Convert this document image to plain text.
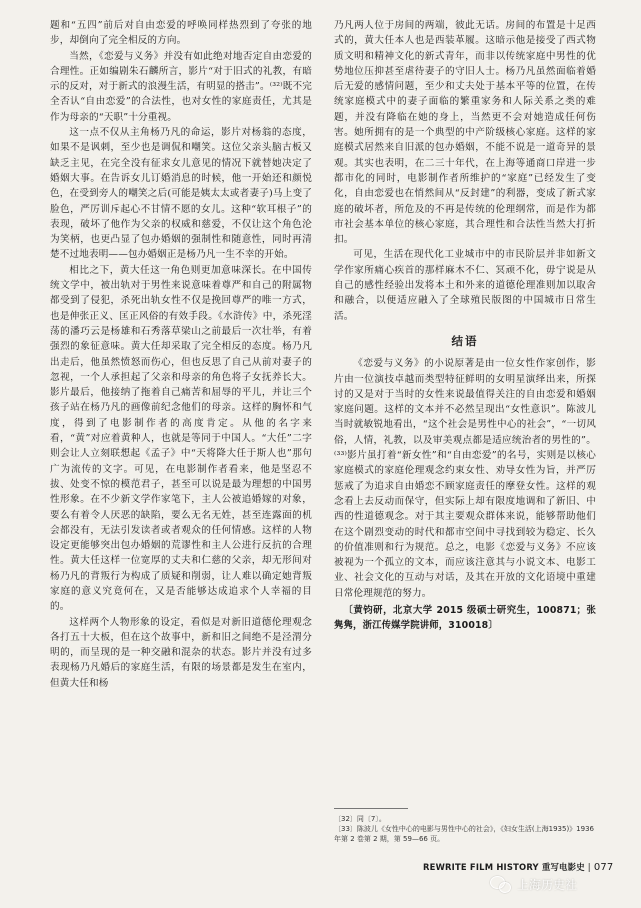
题和“五四”前后对自由恋爱的呼唤同样热烈到了夸张的地步，却倒向了完全相反的方向。

当然，《恋爱与义务》并没有如此绝对地否定自由恋爱的合理性。正如编剧朱石麟所言，影片“对于旧式的礼教，有暗示的反对，对于新式的浪漫生活，有明显的搭击”。⁽³²⁾既不完全否认“自由恋爱”的合法性，也对女性的家庭责任，尤其是作为母亲的“天职”十分重视。

这一点不仅从主角杨乃凡的命运，影片对杨翁的态度，如果不是讽刺，至少也是调侃和嘲笑。这位父亲头脑古板又缺乏主见，在完全没有征求女儿意见的情况下就替她决定了婚姻大事。在告诉女儿订婚消息的时候，他一开始还和颜悦色，在受到旁人的嘲笑之后(可能是姨太太或者妻子)马上变了脸色，严厉训斥起心不甘情不愿的女儿。这种“软耳根子”的表现，破坏了他作为父亲的权威和慈爱，不仅让这个角色沦为笑柄，也更凸显了包办婚姻的强制性和随意性，同时再清楚不过地表明——包办婚姻正是杨乃凡一生不幸的开始。

相比之下，黄大任这一角色则更加意味深长。在中国传统文学中，被出轨对于男性来说意味着尊严和自己的附属物都受到了侵犯，杀死出轨女性不仅是挽回尊严的唯一方式，也是伸张正义、匡正风俗的有效手段。《水浒传》中，杀死淫荡的潘巧云是杨雄和石秀落草梁山之前最后一次壮举，有着强烈的象征意味。黄大任却采取了完全相反的态度。杨乃凡出走后，他虽然愤怒而伤心，但也反思了自己从前对妻子的忽视，一个人承担起了父亲和母亲的角色将子女抚养长大。影片最后，他接纳了拖着自己痛苦和屈辱的平儿，并让三个孩子站在杨乃凡的画像前纪念他们的母亲。这样的胸怀和气度，得到了电影制作者的高度肯定。从他的名字来看，“黄”对应着黄种人，也就是等同于中国人。“大任”二字则会让人立刻联想起《孟子》中“天将降大任于斯人也”那句广为流传的文字。可见，在电影制作者看来，他是坚忍不拔、处变不惊的模范君子，甚至可以说是最为理想的中国男性形象。在不少新文学作家笔下，主人公被追婚嫁的对象，要么有着令人厌恶的缺陷，要么无名无姓，甚至连露面的机会都没有，无法引发读者或者观众的任何情感。这样的人物设定更能够突出包办婚姻的荒谬性和主人公进行反抗的合理性。黄大任这样一位宽厚的丈夫和仁慈的父亲，却无形间对杨乃凡的背叛行为构成了质疑和削弱，让人难以确定她背叛家庭的意义究竟何在，又是否能够达成追求个人幸福的目的。

这样两个人物形象的设定，看似是对新旧道德伦理观念各打五十大板，但在这个故事中，新和旧之间绝不是泾渭分明的，而呈现的是一种交融和混杂的状态。影片并没有过多表现杨乃凡婚后的家庭生活，有限的场景都是发生在室内，但黄大任和杨

乃凡两人位于房间的两端，彼此无话。房间的布置是十足西式的，黄大任本人也是西装革履。这暗示他是接受了西式物质文明和精神文化的新式青年，而非以传统家庭中男性的优势地位压抑甚至虐待妻子的守旧人士。杨乃凡虽然面临着婚后无爱的感情问题，至少和丈夫处于基本平等的位置，在传统家庭模式中的妻子面临的繁重家务和人际关系之类的难题，并没有降临在她的身上，当然更不会对她造成任何伤害。她所拥有的是一个典型的中产阶级核心家庭。这样的家庭模式居然来自旧派的包办婚姻，不能不说是一道奇异的景观。其实也表明，在二三十年代，在上海等通商口岸进一步都市化的同时，电影制作者所维护的“家庭”已经发生了变化，自由恋爱也在悄然间从“反封建”的利器，变成了新式家庭的破坏者，所危及的不再是传统的伦理纲常，而是作为都市社会基本单位的核心家庭，其合理性和合法性当然大打折扣。

可见，生活在现代化工业城市中的市民阶层并非如新文学作家所痛心疾首的那样麻木不仁、冥顽不化，毋宁说是从自己的感性经验出发将本土和外来的道德伦理准则加以取舍和融合，以便适应融入了全球殖民版图的中国城市日常生活。

结语

《恋爱与义务》的小说原著是由一位女性作家创作，影片由一位演技卓越而类型特征鲜明的女明星演绎出来，所探讨的又是对于当时的女性来说最值得关注的自由恋爱和婚姻家庭问题。这样的文本并不必然呈现出“女性意识”。陈波儿当时就敏锐地看出，“这个社会是男性中心的社会”，“一切风俗，人情，礼教，以及审美观点都是适应统治者的男性的”。⁽³³⁾影片虽打着“新女性”和“自由恋爱”的名号，实则是以核心家庭模式的家庭伦理观念约束女性、劝导女性为旨，并严厉惩戒了为追求自由婚恋不顾家庭责任的摩登女性。这样的观念看上去反动而保守，但实际上却有限度地调和了新旧、中西的性道德观念。对于其主要观众群体来说，能够帮助他们在这个剧烈变动的时代和都市空间中寻找到较为稳定、长久的价值准则和行为规范。总之，电影《恋爱与义务》不应该被视为一个孤立的文本，而应该注意其与小说文本、电影工业、社会文化的互动与对话，及其在开放的文化语境中重建日常伦理规范的努力。

〔黄钧研，北京大学 2015 级硕士研究生，100871；张隽隽，浙江传媒学院讲师，310018〕
〔32〕同〔7〕。
〔33〕陈波儿《女性中心的电影与男性中心的社会》，《妇女生活(上海1935)》1936 年第 2 卷第 2 期，第 59—66 页。
REWRITE FILM HISTORY 重写电影史 | 077
上海历史社
